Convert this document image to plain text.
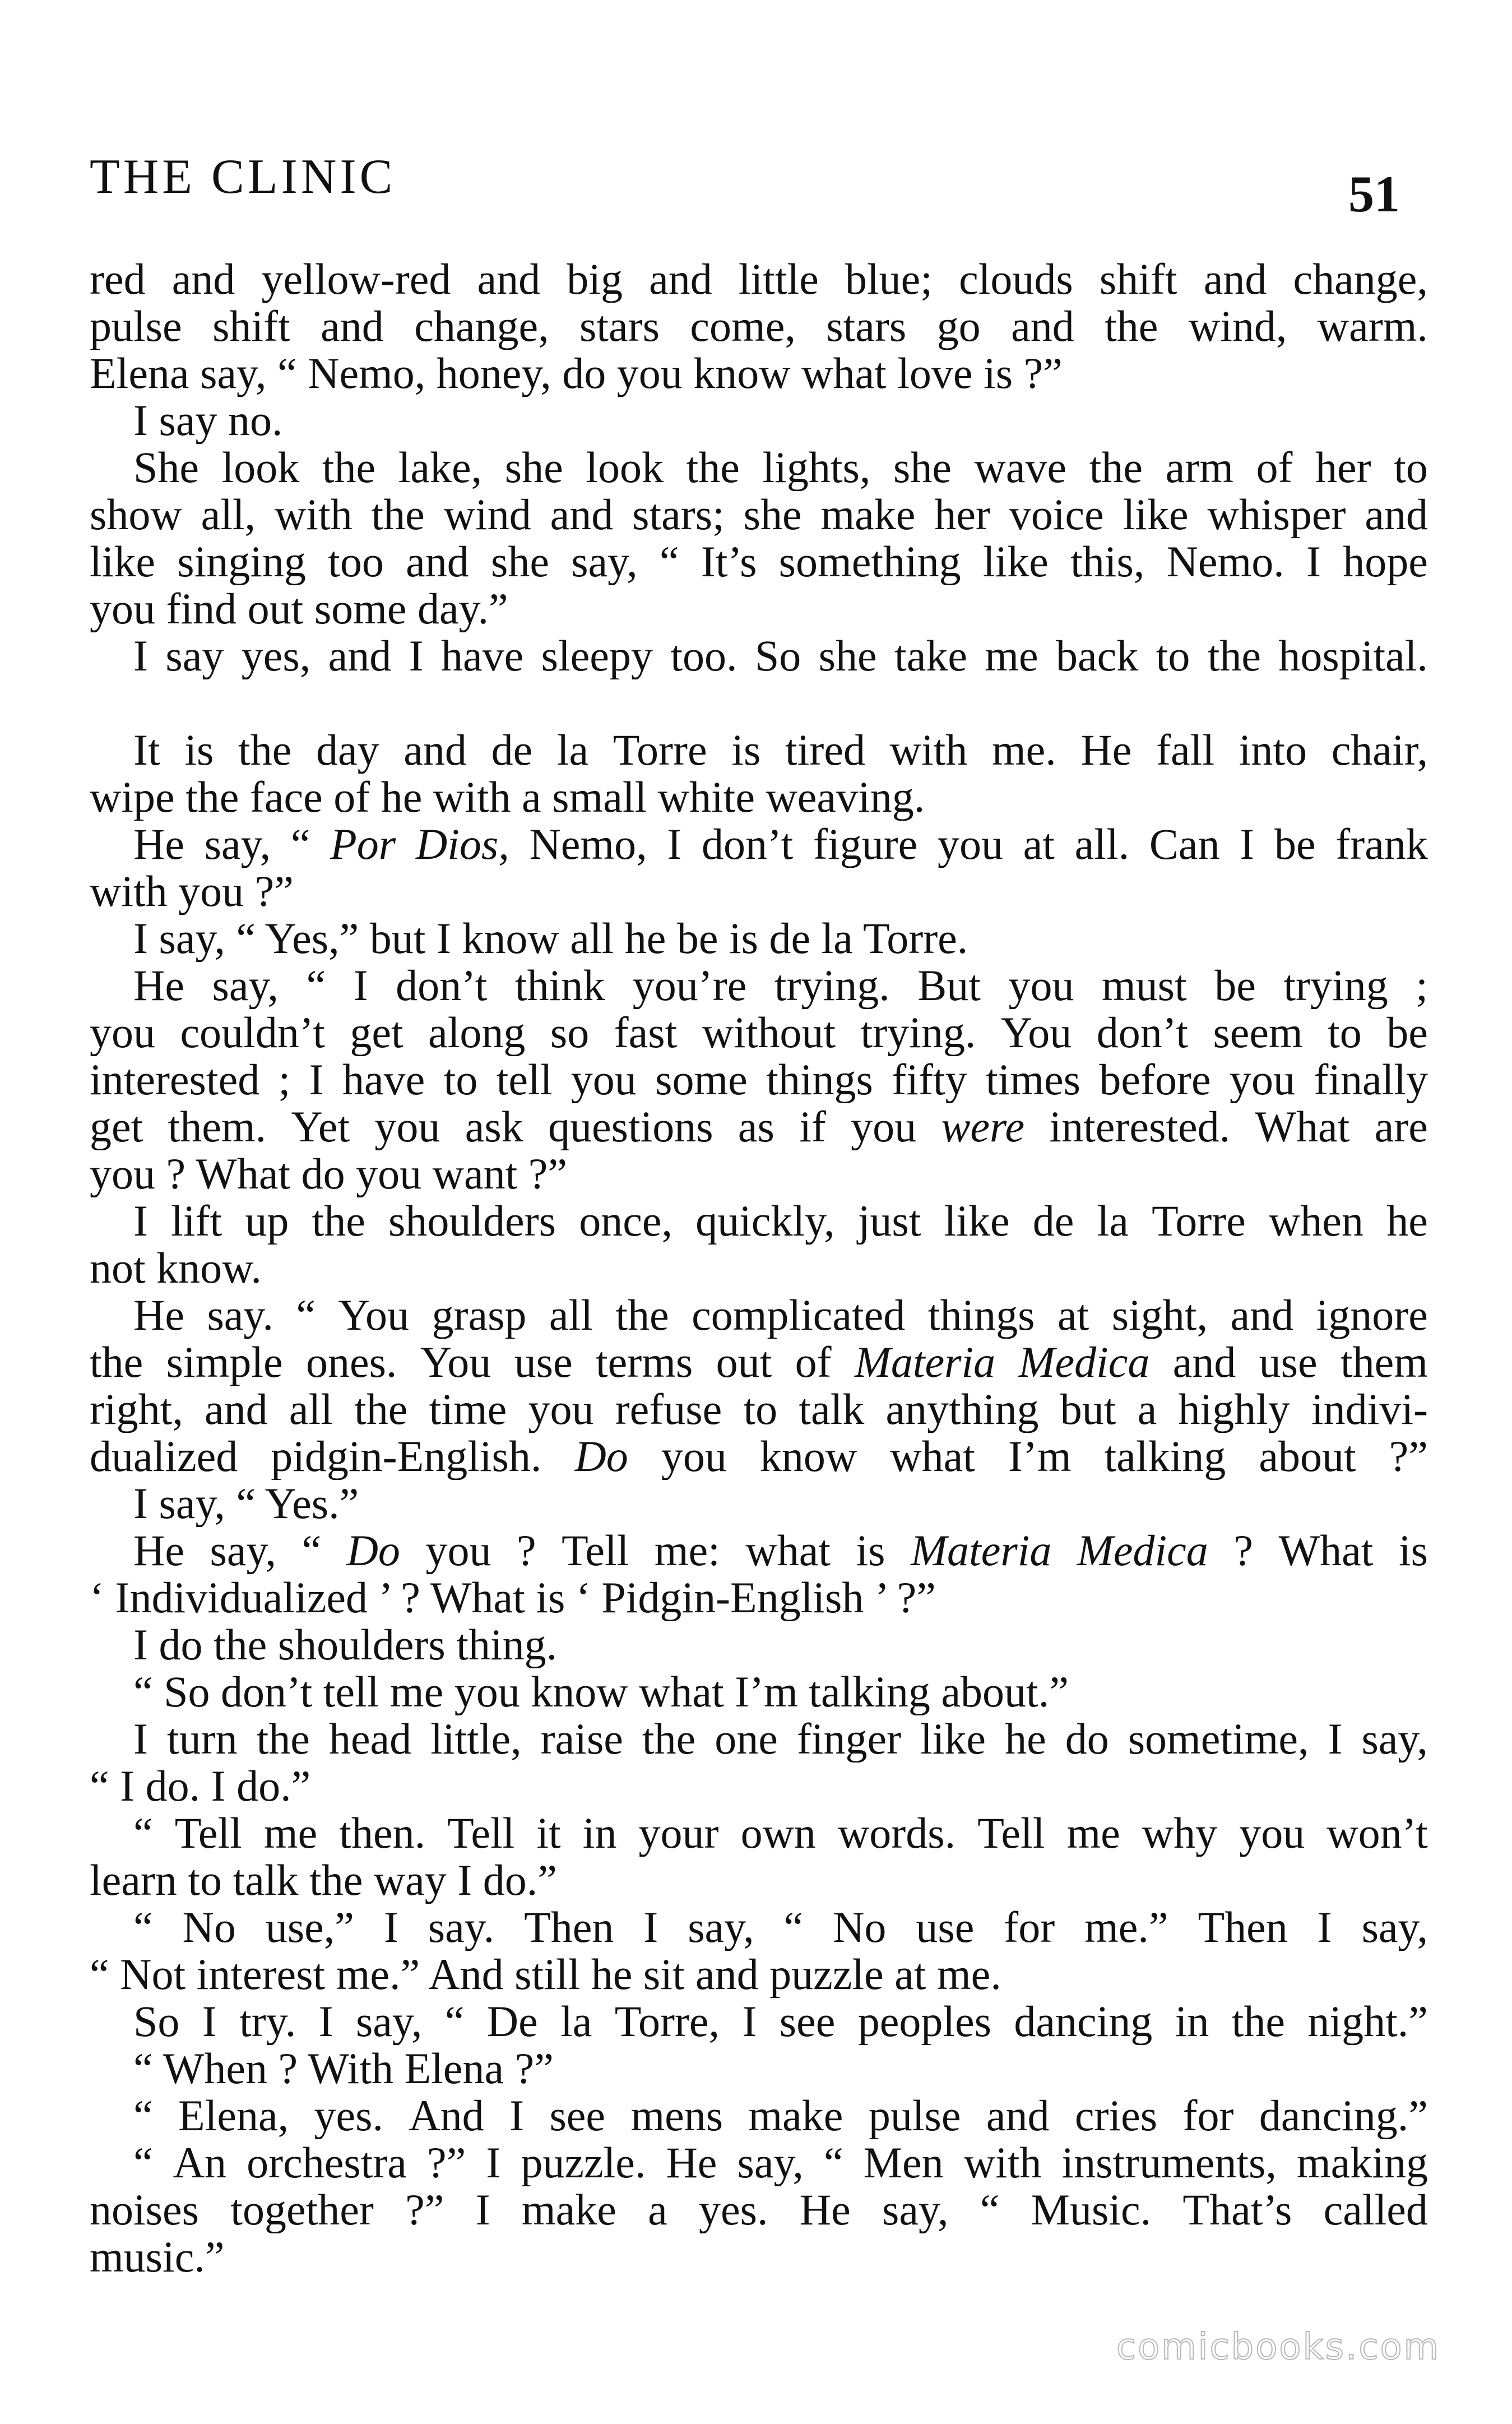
THE CLINIC	51
red and yellow-red and big and little blue; clouds shift and change,
pulse shift and change, stars come, stars go and the wind, warm.
Elena say, “ Nemo, honey, do you know what love is ?”
I say no.
She look the lake, she look the lights, she wave the arm of her to
show all, with the wind and stars; she make her voice like whisper and
like singing too and she say, “ It’s something like this, Nemo. I hope
you find out some day.”
I say yes, and I have sleepy too. So she take me back to the hospital.
It is the day and de la Torre is tired with me. He fall into chair,
wipe the face of he with a small white weaving.
He say, “ Por Dios, Nemo, I don’t figure you at all. Can I be frank
with you ?”
I say, “ Yes,” but I know all he be is de la Torre.
He say, “ I don’t think you’re trying. But you must be trying ;
you couldn’t get along so fast without trying. You don’t seem to be
interested ; I have to tell you some things fifty times before you finally
get them. Yet you ask questions as if you were interested. What are
you ? What do you want ?”
I lift up the shoulders once, quickly, just like de la Torre when he
not know.
He say. “ You grasp all the complicated things at sight, and ignore
the simple ones. You use terms out of Materia Medica and use them
right, and all the time you refuse to talk anything but a highly indivi-
dualized pidgin-English. Do you know what I’m talking about ?”
I say, “ Yes.”
He say, “ Do you ? Tell me: what is Materia Medica ? What is
‘ Individualized ’ ? What is ‘ Pidgin-English ’ ?”
I do the shoulders thing.
“ So don’t tell me you know what I’m talking about.”
I turn the head little, raise the one finger like he do sometime, I say,
“ I do. I do.”
“ Tell me then. Tell it in your own words. Tell me why you won’t
learn to talk the way I do.”
“ No use,” I say. Then I say, “ No use for me.” Then I say,
“ Not interest me.” And still he sit and puzzle at me.
So I try. I say, “ De la Torre, I see peoples dancing in the night.”
“ When ? With Elena ?”
“ Elena, yes. And I see mens make pulse and cries for dancing.”
“ An orchestra ?” I puzzle. He say, “ Men with instruments, making
noises together ?” I make a yes. He say, “ Music. That’s called
music.”
comicbooks.com
